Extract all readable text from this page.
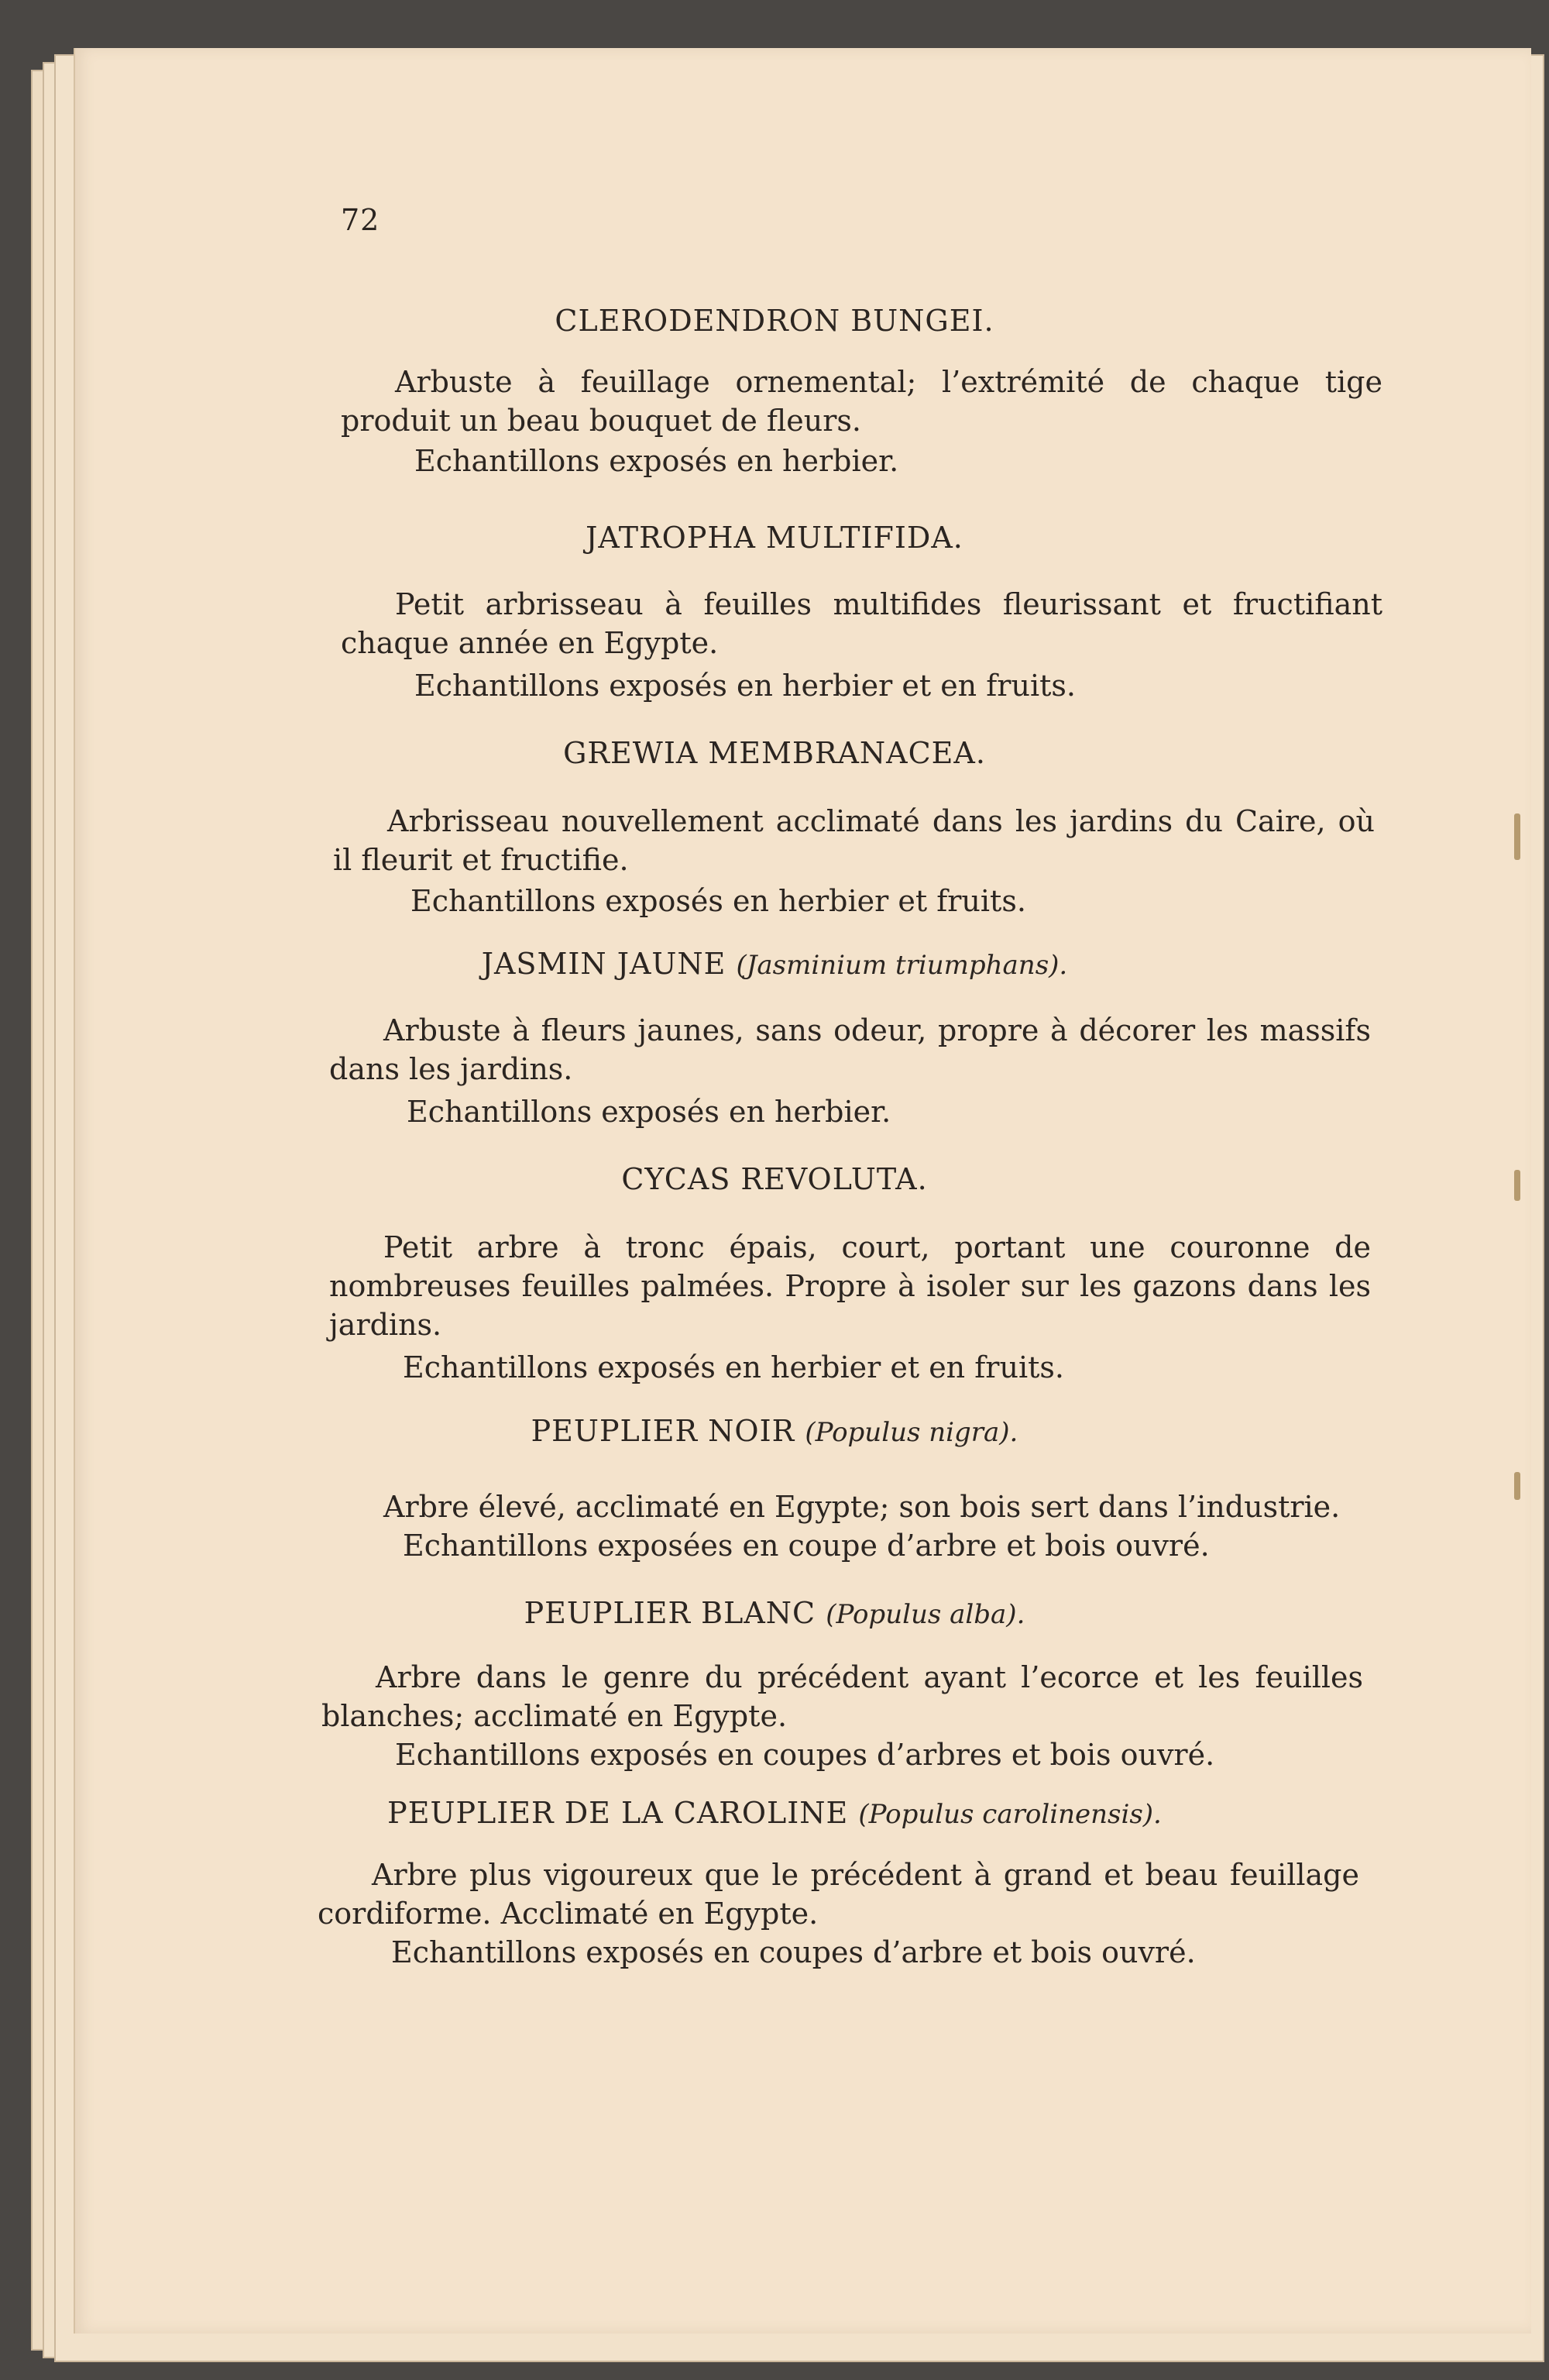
72
CLERODENDRON BUNGEI.
Arbuste à feuillage ornemental; l’extrémité de chaque tige produit un beau bouquet de fleurs.
Echantillons exposés en herbier.
JATROPHA MULTIFIDA.
Petit arbrisseau à feuilles multifides fleurissant et fructifiant chaque année en Egypte.
Echantillons exposés en herbier et en fruits.
GREWIA MEMBRANACEA.
Arbrisseau nouvellement acclimaté dans les jardins du Caire, où il fleurit et fructifie.
Echantillons exposés en herbier et fruits.
JASMIN JAUNE (Jasminium triumphans).
Arbuste à fleurs jaunes, sans odeur, propre à décorer les massifs dans les jardins.
Echantillons exposés en herbier.
CYCAS REVOLUTA.
Petit arbre à tronc épais, court, portant une couronne de nombreuses feuilles palmées. Propre à isoler sur les gazons dans les jardins.
Echantillons exposés en herbier et en fruits.
PEUPLIER NOIR (Populus nigra).
Arbre élevé, acclimaté en Egypte; son bois sert dans l’industrie.
Echantillons exposées en coupe d’arbre et bois ouvré.
PEUPLIER BLANC (Populus alba).
Arbre dans le genre du précédent ayant l’ecorce et les feuilles blanches; acclimaté en Egypte.
Echantillons exposés en coupes d’arbres et bois ouvré.
PEUPLIER DE LA CAROLINE (Populus carolinensis).
Arbre plus vigoureux que le précédent à grand et beau feuillage cordiforme. Acclimaté en Egypte.
Echantillons exposés en coupes d’arbre et bois ouvré.
